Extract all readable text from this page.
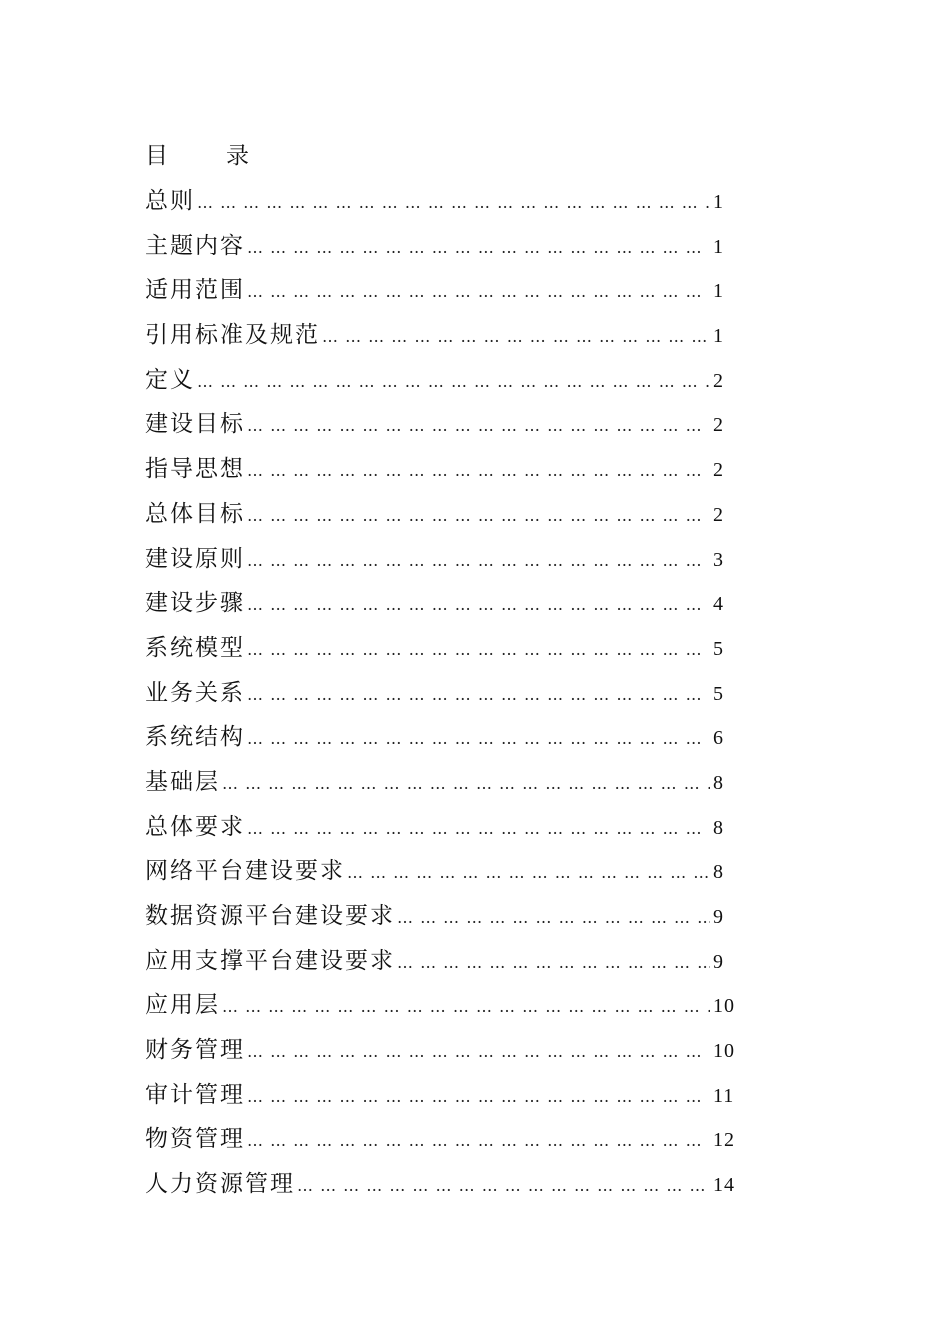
目	录
总则 … … … … … … … … … … … … … … … … … … … … … … … … … … … … … … … … … … … … … … … … … … … …	1
主题内容 … … … … … … … … … … … … … … … … … … … … … … … … … … … … … … … … … … … … … … … … … … … …	1
适用范围 … … … … … … … … … … … … … … … … … … … … … … … … … … … … … … … … … … … … … … … … … … … …	1
引用标准及规范 … … … … … … … … … … … … … … … … … … … … … … … … … … … … … … … … … … … … … … … … … … … …	1
定义 … … … … … … … … … … … … … … … … … … … … … … … … … … … … … … … … … … … … … … … … … … … …	2
建设目标 … … … … … … … … … … … … … … … … … … … … … … … … … … … … … … … … … … … … … … … … … … … …	2
指导思想 … … … … … … … … … … … … … … … … … … … … … … … … … … … … … … … … … … … … … … … … … … … …	2
总体目标 … … … … … … … … … … … … … … … … … … … … … … … … … … … … … … … … … … … … … … … … … … … …	2
建设原则 … … … … … … … … … … … … … … … … … … … … … … … … … … … … … … … … … … … … … … … … … … … …	3
建设步骤 … … … … … … … … … … … … … … … … … … … … … … … … … … … … … … … … … … … … … … … … … … … …	4
系统模型 … … … … … … … … … … … … … … … … … … … … … … … … … … … … … … … … … … … … … … … … … … … …	5
业务关系 … … … … … … … … … … … … … … … … … … … … … … … … … … … … … … … … … … … … … … … … … … … …	5
系统结构 … … … … … … … … … … … … … … … … … … … … … … … … … … … … … … … … … … … … … … … … … … … …	6
基础层 … … … … … … … … … … … … … … … … … … … … … … … … … … … … … … … … … … … … … … … … … … … …	8
总体要求 … … … … … … … … … … … … … … … … … … … … … … … … … … … … … … … … … … … … … … … … … … … …	8
网络平台建设要求 … … … … … … … … … … … … … … … … … … … … … … … … … … … … … … … … … … … … … … … … … … … …	8
数据资源平台建设要求 … … … … … … … … … … … … … … … … … … … … … … … … … … … … … … … … … … … … … … … … … … … …	9
应用支撑平台建设要求 … … … … … … … … … … … … … … … … … … … … … … … … … … … … … … … … … … … … … … … … … … … …	9
应用层 … … … … … … … … … … … … … … … … … … … … … … … … … … … … … … … … … … … … … … … … … … … …	10
财务管理 … … … … … … … … … … … … … … … … … … … … … … … … … … … … … … … … … … … … … … … … … … … …	10
审计管理 … … … … … … … … … … … … … … … … … … … … … … … … … … … … … … … … … … … … … … … … … … … …	11
物资管理 … … … … … … … … … … … … … … … … … … … … … … … … … … … … … … … … … … … … … … … … … … … …	12
人力资源管理 … … … … … … … … … … … … … … … … … … … … … … … … … … … … … … … … … … … … … … … … … … … …	14
